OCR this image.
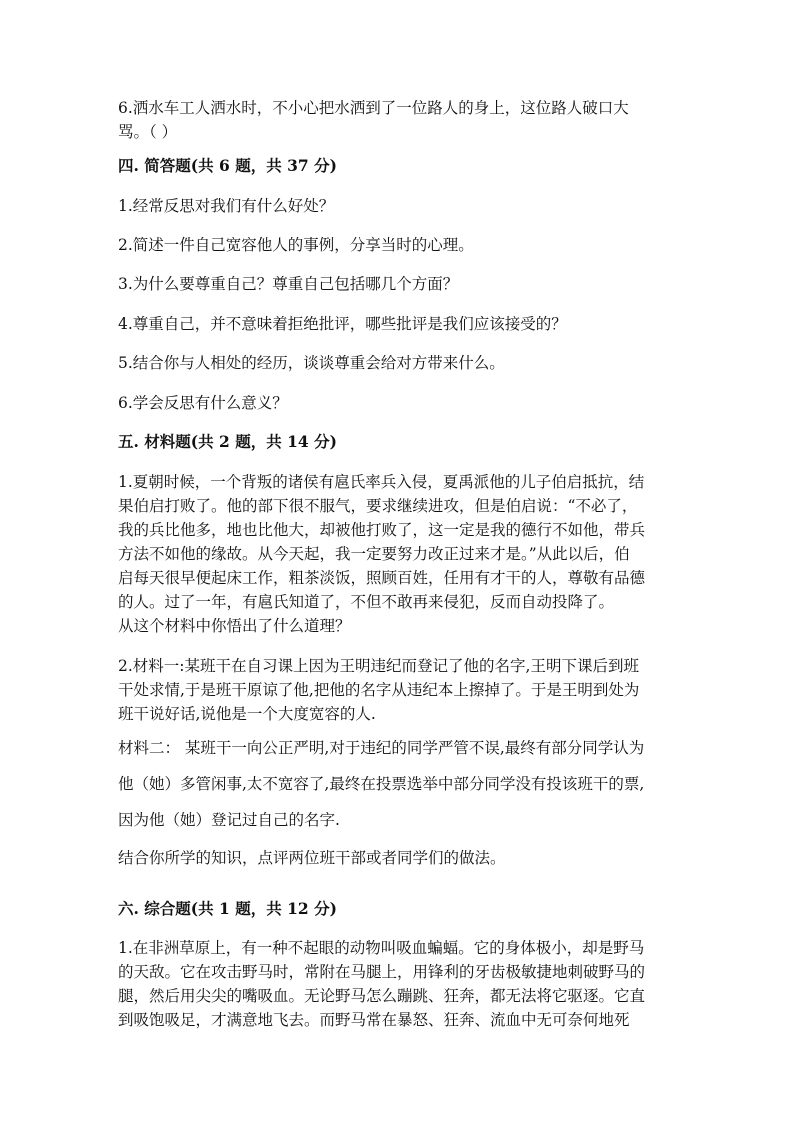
6.洒水车工人洒水时，不小心把水洒到了一位路人的身上，这位路人破口大
骂。（ ）
四. 简答题(共 6 题，共 37 分)
1.经常反思对我们有什么好处？
2.简述一件自己宽容他人的事例，分享当时的心理。
3.为什么要尊重自己？尊重自己包括哪几个方面？
4.尊重自己，并不意味着拒绝批评，哪些批评是我们应该接受的？
5.结合你与人相处的经历，谈谈尊重会给对方带来什么。
6.学会反思有什么意义？
五. 材料题(共 2 题，共 14 分)
1.夏朝时候，一个背叛的诸侯有扈氏率兵入侵，夏禹派他的儿子伯启抵抗，结
果伯启打败了。他的部下很不服气，要求继续进攻，但是伯启说：“不必了，
我的兵比他多，地也比他大，却被他打败了，这一定是我的德行不如他，带兵
方法不如他的缘故。从今天起，我一定要努力改正过来才是。”从此以后，伯
启每天很早便起床工作，粗茶淡饭，照顾百姓，任用有才干的人，尊敬有品德
的人。过了一年，有扈氏知道了，不但不敢再来侵犯，反而自动投降了。
从这个材料中你悟出了什么道理？
2.材料一:某班干在自习课上因为王明违纪而登记了他的名字,王明下课后到班
干处求情,于是班干原谅了他,把他的名字从违纪本上擦掉了。于是王明到处为
班干说好话,说他是一个大度宽容的人.
材料二： 某班干一向公正严明,对于违纪的同学严管不误,最终有部分同学认为
他（她）多管闲事,太不宽容了,最终在投票选举中部分同学没有投该班干的票,
因为他（她）登记过自己的名字.
结合你所学的知识，点评两位班干部或者同学们的做法。
六. 综合题(共 1 题，共 12 分)
1.在非洲草原上，有一种不起眼的动物叫吸血蝙蝠。它的身体极小，却是野马
的天敌。它在攻击野马时，常附在马腿上，用锋利的牙齿极敏捷地刺破野马的
腿，然后用尖尖的嘴吸血。无论野马怎么蹦跳、狂奔，都无法将它驱逐。它直
到吸饱吸足，才满意地飞去。而野马常在暴怒、狂奔、流血中无可奈何地死
